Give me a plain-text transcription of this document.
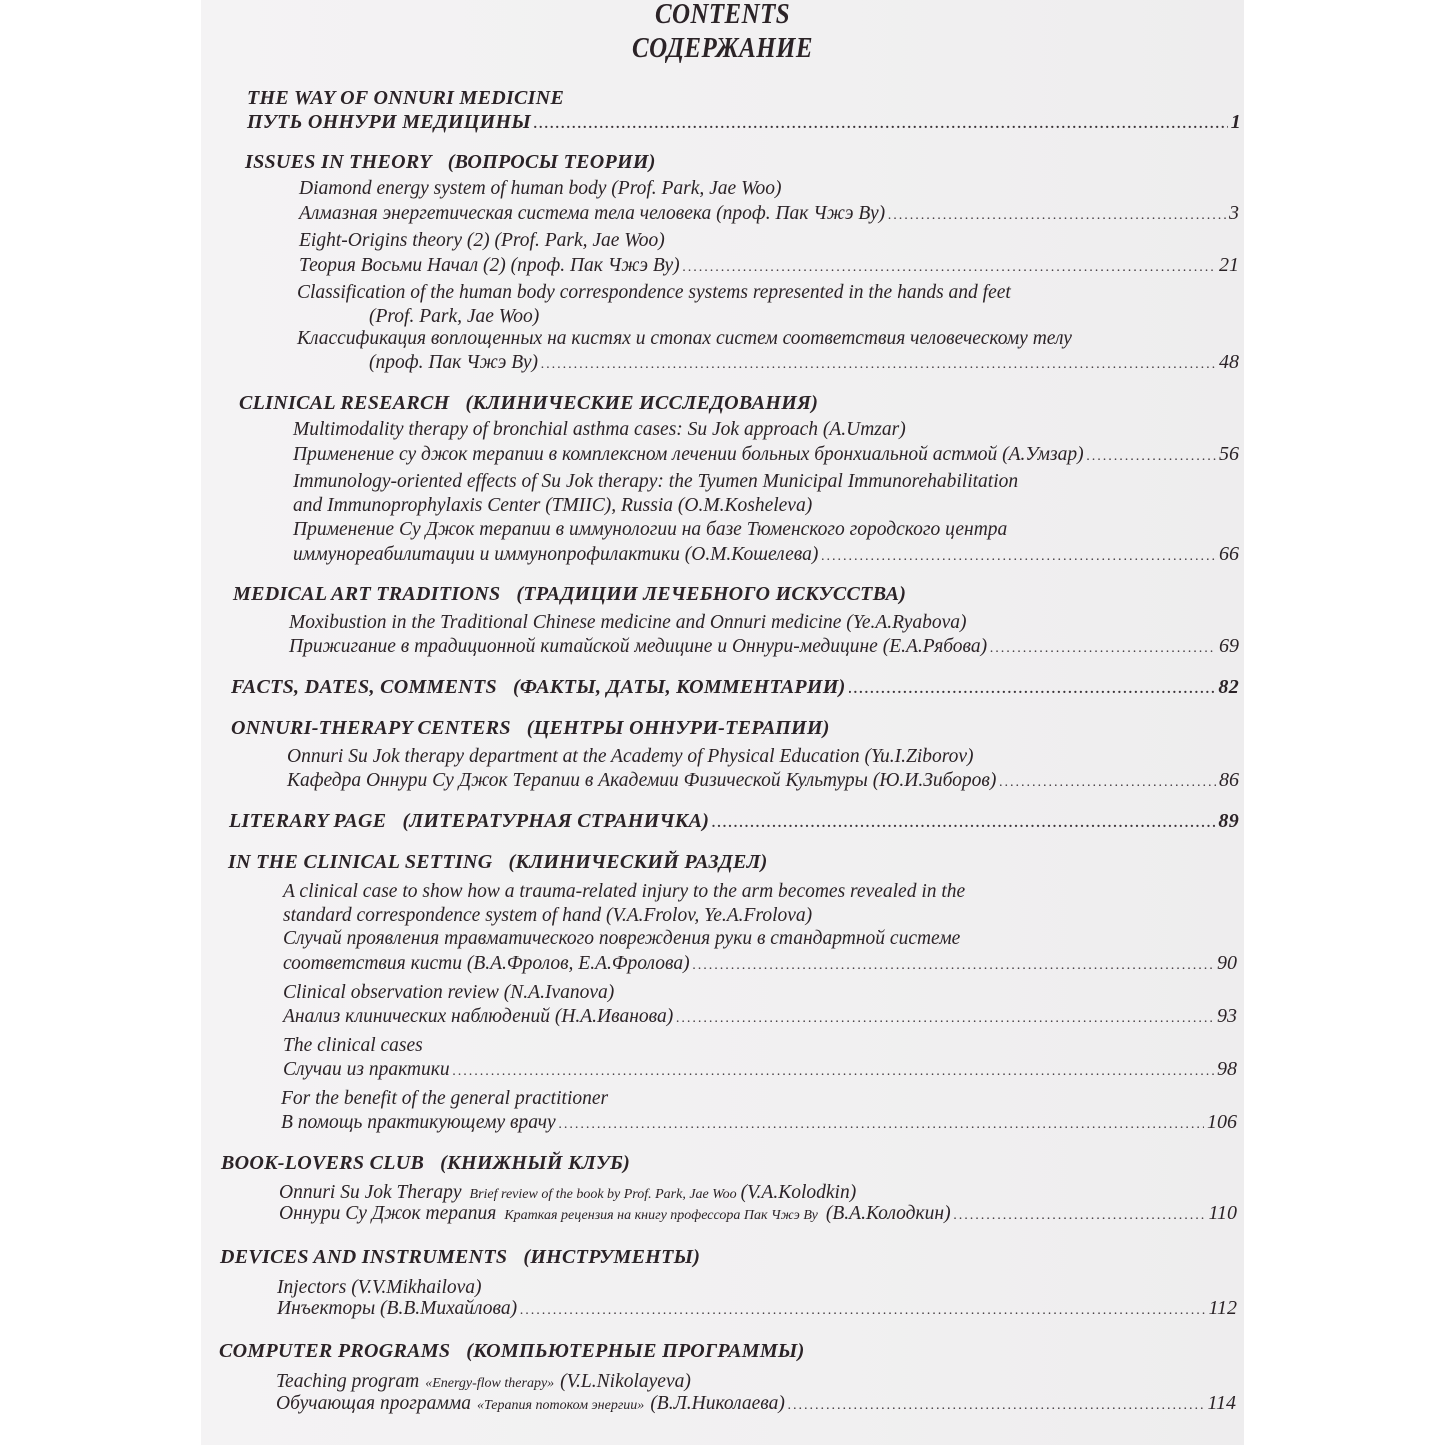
CONTENTS
СОДЕРЖАНИЕ
THE WAY OF ONNURI MEDICINE
ПУТЬ ОННУРИ МЕДИЦИНЫ .....	1
ISSUES IN THEORY (ВОПРОСЫ ТЕОРИИ)
Diamond energy system of human body (Prof. Park, Jae Woo)
Алмазная энергетическая система тела человека (проф. Пак Чжэ Ву) .....	3
Eight-Origins theory (2) (Prof. Park, Jae Woo)
Теория Восьми Начал (2) (проф. Пак Чжэ Ву) .....	21
Classification of the human body correspondence systems represented in the hands and feet
(Prof. Park, Jae Woo)
Классификация воплощенных на кистях и стопах систем соответствия человеческому телу
(проф. Пак Чжэ Ву) .....	48
CLINICAL RESEARCH (КЛИНИЧЕСКИЕ ИССЛЕДОВАНИЯ)
Multimodality therapy of bronchial asthma cases: Su Jok approach (A.Umzar)
Применение су джок терапии в комплексном лечении больных бронхиальной астмой (А.Умзар) .....	56
Immunology-oriented effects of Su Jok therapy: the Tyumen Municipal Immunorehabilitation
and Immunoprophylaxis Center (TMIIC), Russia (O.M.Kosheleva)
Применение Су Джок терапии в иммунологии на базе Тюменского городского центра
иммунореабилитации и иммунопрофилактики (О.М.Кошелева) .....	66
MEDICAL ART TRADITIONS (ТРАДИЦИИ ЛЕЧЕБНОГО ИСКУССТВА)
Moxibustion in the Traditional Chinese medicine and Onnuri medicine (Ye.A.Ryabova)
Прижигание в традиционной китайской медицине и Оннури-медицине (Е.А.Рябова) .....	69
FACTS, DATES, COMMENTS (ФАКТЫ, ДАТЫ, КОММЕНТАРИИ) .....	82
ONNURI-THERAPY CENTERS (ЦЕНТРЫ ОННУРИ-ТЕРАПИИ)
Onnuri Su Jok therapy department at the Academy of Physical Education (Yu.I.Ziborov)
Кафедра Оннури Су Джок Терапии в Академии Физической Культуры (Ю.И.Зиборов) .....	86
LITERARY PAGE (ЛИТЕРАТУРНАЯ СТРАНИЧКА) .....	89
IN THE CLINICAL SETTING (КЛИНИЧЕСКИЙ РАЗДЕЛ)
A clinical case to show how a trauma-related injury to the arm becomes revealed in the
standard correspondence system of hand (V.A.Frolov, Ye.A.Frolova)
Случай проявления травматического повреждения руки в стандартной системе
соответствия кисти (В.А.Фролов, Е.А.Фролова) .....	90
Clinical observation review (N.A.Ivanova)
Анализ клинических наблюдений (Н.А.Иванова) .....	93
The clinical cases
Случаи из практики .....	98
For the benefit of the general practitioner
В помощь практикующему врачу .....	106
BOOK-LOVERS CLUB (КНИЖНЫЙ КЛУБ)
Onnuri Su Jok Therapy Brief review of the book by Prof. Park, Jae Woo (V.A.Kolodkin)
Оннури Су Джок терапия Краткая рецензия на книгу профессора Пак Чжэ Ву (В.А.Колодкин) .....	110
DEVICES AND INSTRUMENTS (ИНСТРУМЕНТЫ)
Injectors (V.V.Mikhailova)
Инъекторы (В.В.Михайлова) .....	112
COMPUTER PROGRAMS (КОМПЬЮТЕРНЫЕ ПРОГРАММЫ)
Teaching program «Energy-flow therapy» (V.L.Nikolayeva)
Обучающая программа «Терапия потоком энергии» (В.Л.Николаева) .....	114
